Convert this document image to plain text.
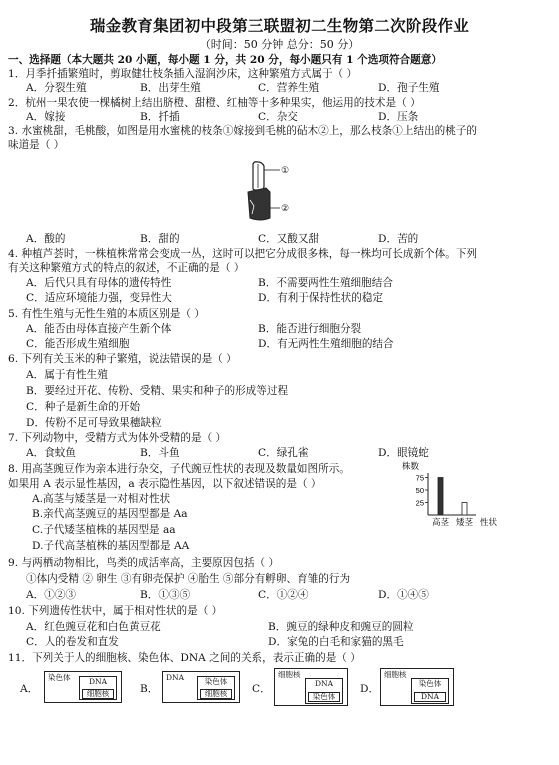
瑞金教育集团初中段第三联盟初二生物第二次阶段作业
（时间：50 分钟 总分：50 分）
一、选择题（本大题共 20 小题，每小题 1 分，共 20 分，每小题只有 1 个选项符合题意）
1．月季扦插繁殖时，剪取健壮枝条插入湿润沙床，这种繁殖方式属于（ ）
A．分裂生殖	B．出芽生殖	C．营养生殖	D．孢子生殖
2．杭州一果农使一棵橘树上结出脐橙、甜橙、红柚等十多种果实，他运用的技术是（ ）
A．嫁接	B．扦插	C．杂交	D．压条
3. 水蜜桃甜，毛桃酸，如图是用水蜜桃的枝条①嫁接到毛桃的砧木②上，那么枝条①上结出的桃子的
味道是（ ）
①
②
A．酸的	B．甜的	C．又酸又甜	D．苦的
4. 种植芦荟时，一株植株常常会变成一丛，这时可以把它分成很多株，每一株均可长成新个体。下列
有关这种繁殖方式的特点的叙述，不正确的是（ ）
A．后代只具有母体的遗传特性	B．不需要两性生殖细胞结合
C．适应环境能力强，变异性大	D．有利于保持性状的稳定
5. 有性生殖与无性生殖的本质区别是（ ）
A．能否由母体直接产生新个体	B．能否进行细胞分裂
C．能否形成生殖细胞	D．有无两性生殖细胞的结合
6. 下列有关玉米的种子繁殖，说法错误的是（ ）
A．属于有性生殖
B．要经过开花、传粉、受精、果实和种子的形成等过程
C．种子是新生命的开始
D．传粉不足可导致果穗缺粒
7. 下列动物中，受精方式为体外受精的是（ ）
A．食蚊鱼	B．斗鱼	C．绿孔雀	D．眼镜蛇
8. 用高茎豌豆作为亲本进行杂交，子代豌豆性状的表现及数量如图所示。
如果用 A 表示显性基因，a 表示隐性基因，以下叙述错误的是（ ）
A.高茎与矮茎是一对相对性状
B.亲代高茎豌豆的基因型都是 Aa
C.子代矮茎植株的基因型是 aa
D.子代高茎植株的基因型都是 AA
株数
25
50
75
高茎 矮茎 性状
9. 与两栖动物相比，鸟类的成活率高，主要原因包括（ ）
①体内受精 ② 卵生 ③有卵壳保护 ④胎生 ⑤部分有孵卵、育雏的行为
A．①②③	B．①③⑤	C．①②④	D．①④⑤
10. 下列遗传性状中，属于相对性状的是（ ）
A．红色豌豆花和白色黄豆花	B．豌豆的绿种皮和豌豆的圆粒
C．人的卷发和直发	D．家兔的白毛和家猫的黑毛
11．下列关于人的细胞核、染色体、DNA 之间的关系，表示正确的是（ ）
A．
染色体	DNA
细胞核	B．
DNA	染色体
细胞核	C．
细胞核
DNA
染色体
D．
细胞核
染色体
DNA
